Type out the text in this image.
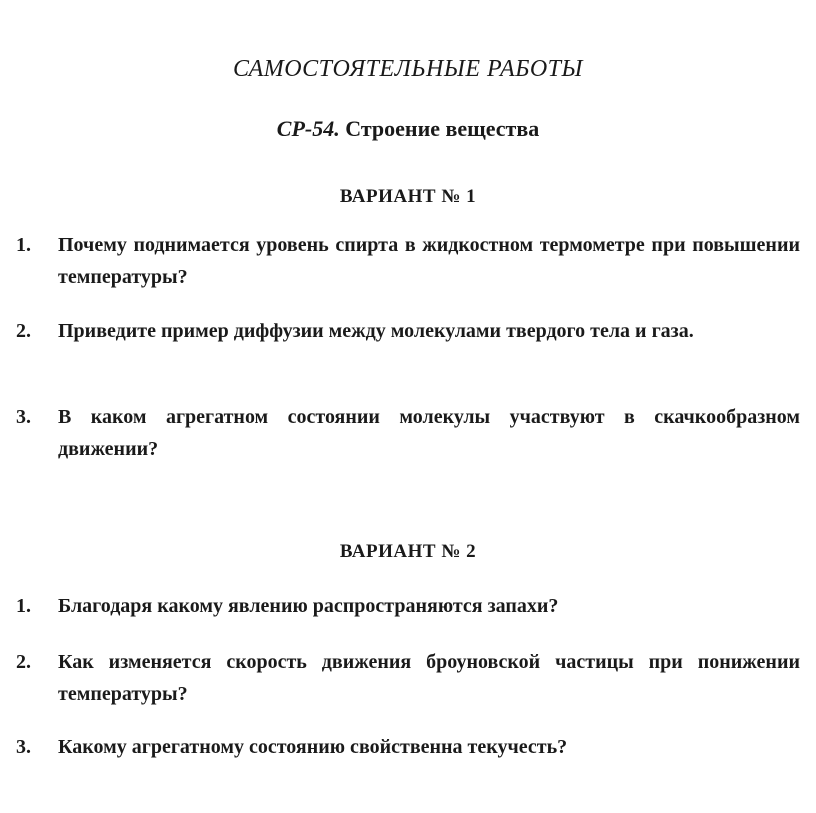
САМОСТОЯТЕЛЬНЫЕ РАБОТЫ
СР-54. Строение вещества
ВАРИАНТ № 1
1.	Почему поднимается уровень спирта в жидкостном термометре при повышении температуры?
2.	Приведите пример диффузии между молекулами твердого тела и газа.
3.	В каком агрегатном состоянии молекулы участвуют в скачкообразном движении?
ВАРИАНТ № 2
1.	Благодаря какому явлению распространяются запахи?
2.	Как изменяется скорость движения броуновской частицы при понижении температуры?
3.	Какому агрегатному состоянию свойственна текучесть?
